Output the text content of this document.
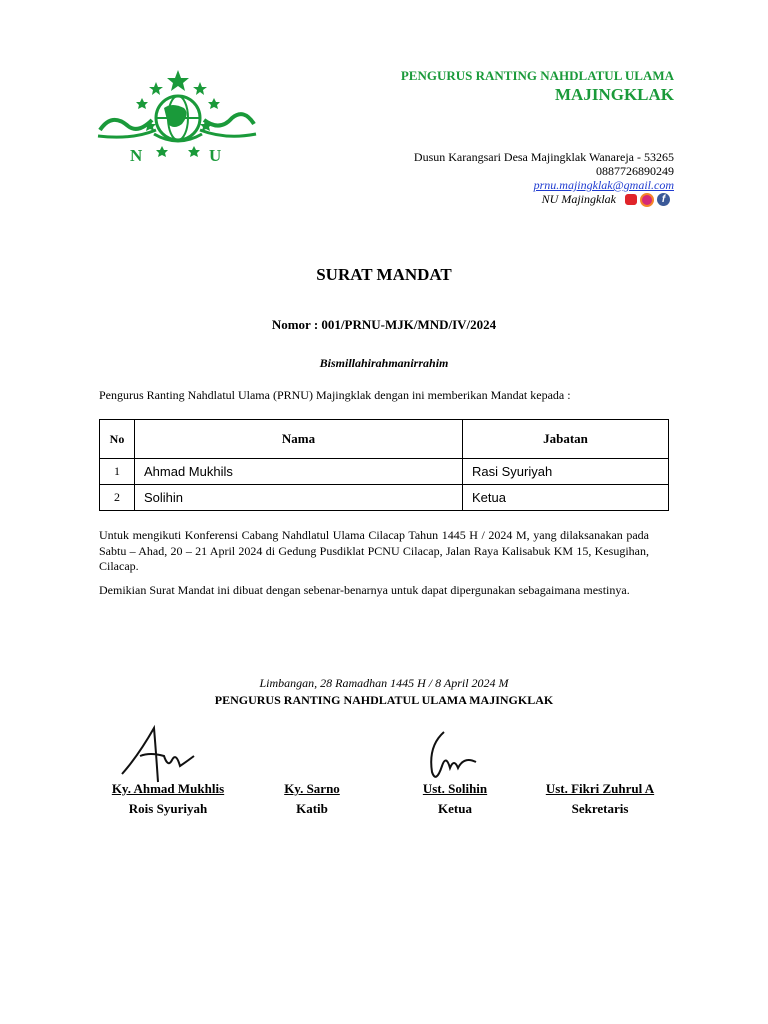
N	U
PENGURUS RANTING NAHDLATUL ULAMA
MAJINGKLAK
Dusun Karangsari Desa Majingklak Wanareja - 53265
0887726890249
prnu.majingklak@gmail.com
NU Majingklak	f
SURAT MANDAT
Nomor : 001/PRNU-MJK/MND/IV/2024
Bismillahirahmanirrahim
Pengurus Ranting Nahdlatul Ulama (PRNU) Majingklak dengan ini memberikan Mandat kepada :
No	Nama	Jabatan
1	Ahmad Mukhils	Rasi Syuriyah
2	Solihin	Ketua
Untuk mengikuti Konferensi Cabang Nahdlatul Ulama Cilacap Tahun 1445 H / 2024 M, yang dilaksanakan pada Sabtu – Ahad, 20 – 21 April 2024 di Gedung Pusdiklat PCNU Cilacap, Jalan Raya Kalisabuk KM 15, Kesugihan, Cilacap.
Demikian Surat Mandat ini dibuat dengan sebenar-benarnya untuk dapat dipergunakan sebagaimana mestinya.
Limbangan, 28 Ramadhan 1445 H / 8 April 2024 M
PENGURUS RANTING NAHDLATUL ULAMA MAJINGKLAK
Ky. Ahmad Mukhlis
Rois Syuriyah
Ky. Sarno
Katib
Ust. Solihin
Ketua
Ust. Fikri Zuhrul A
Sekretaris
